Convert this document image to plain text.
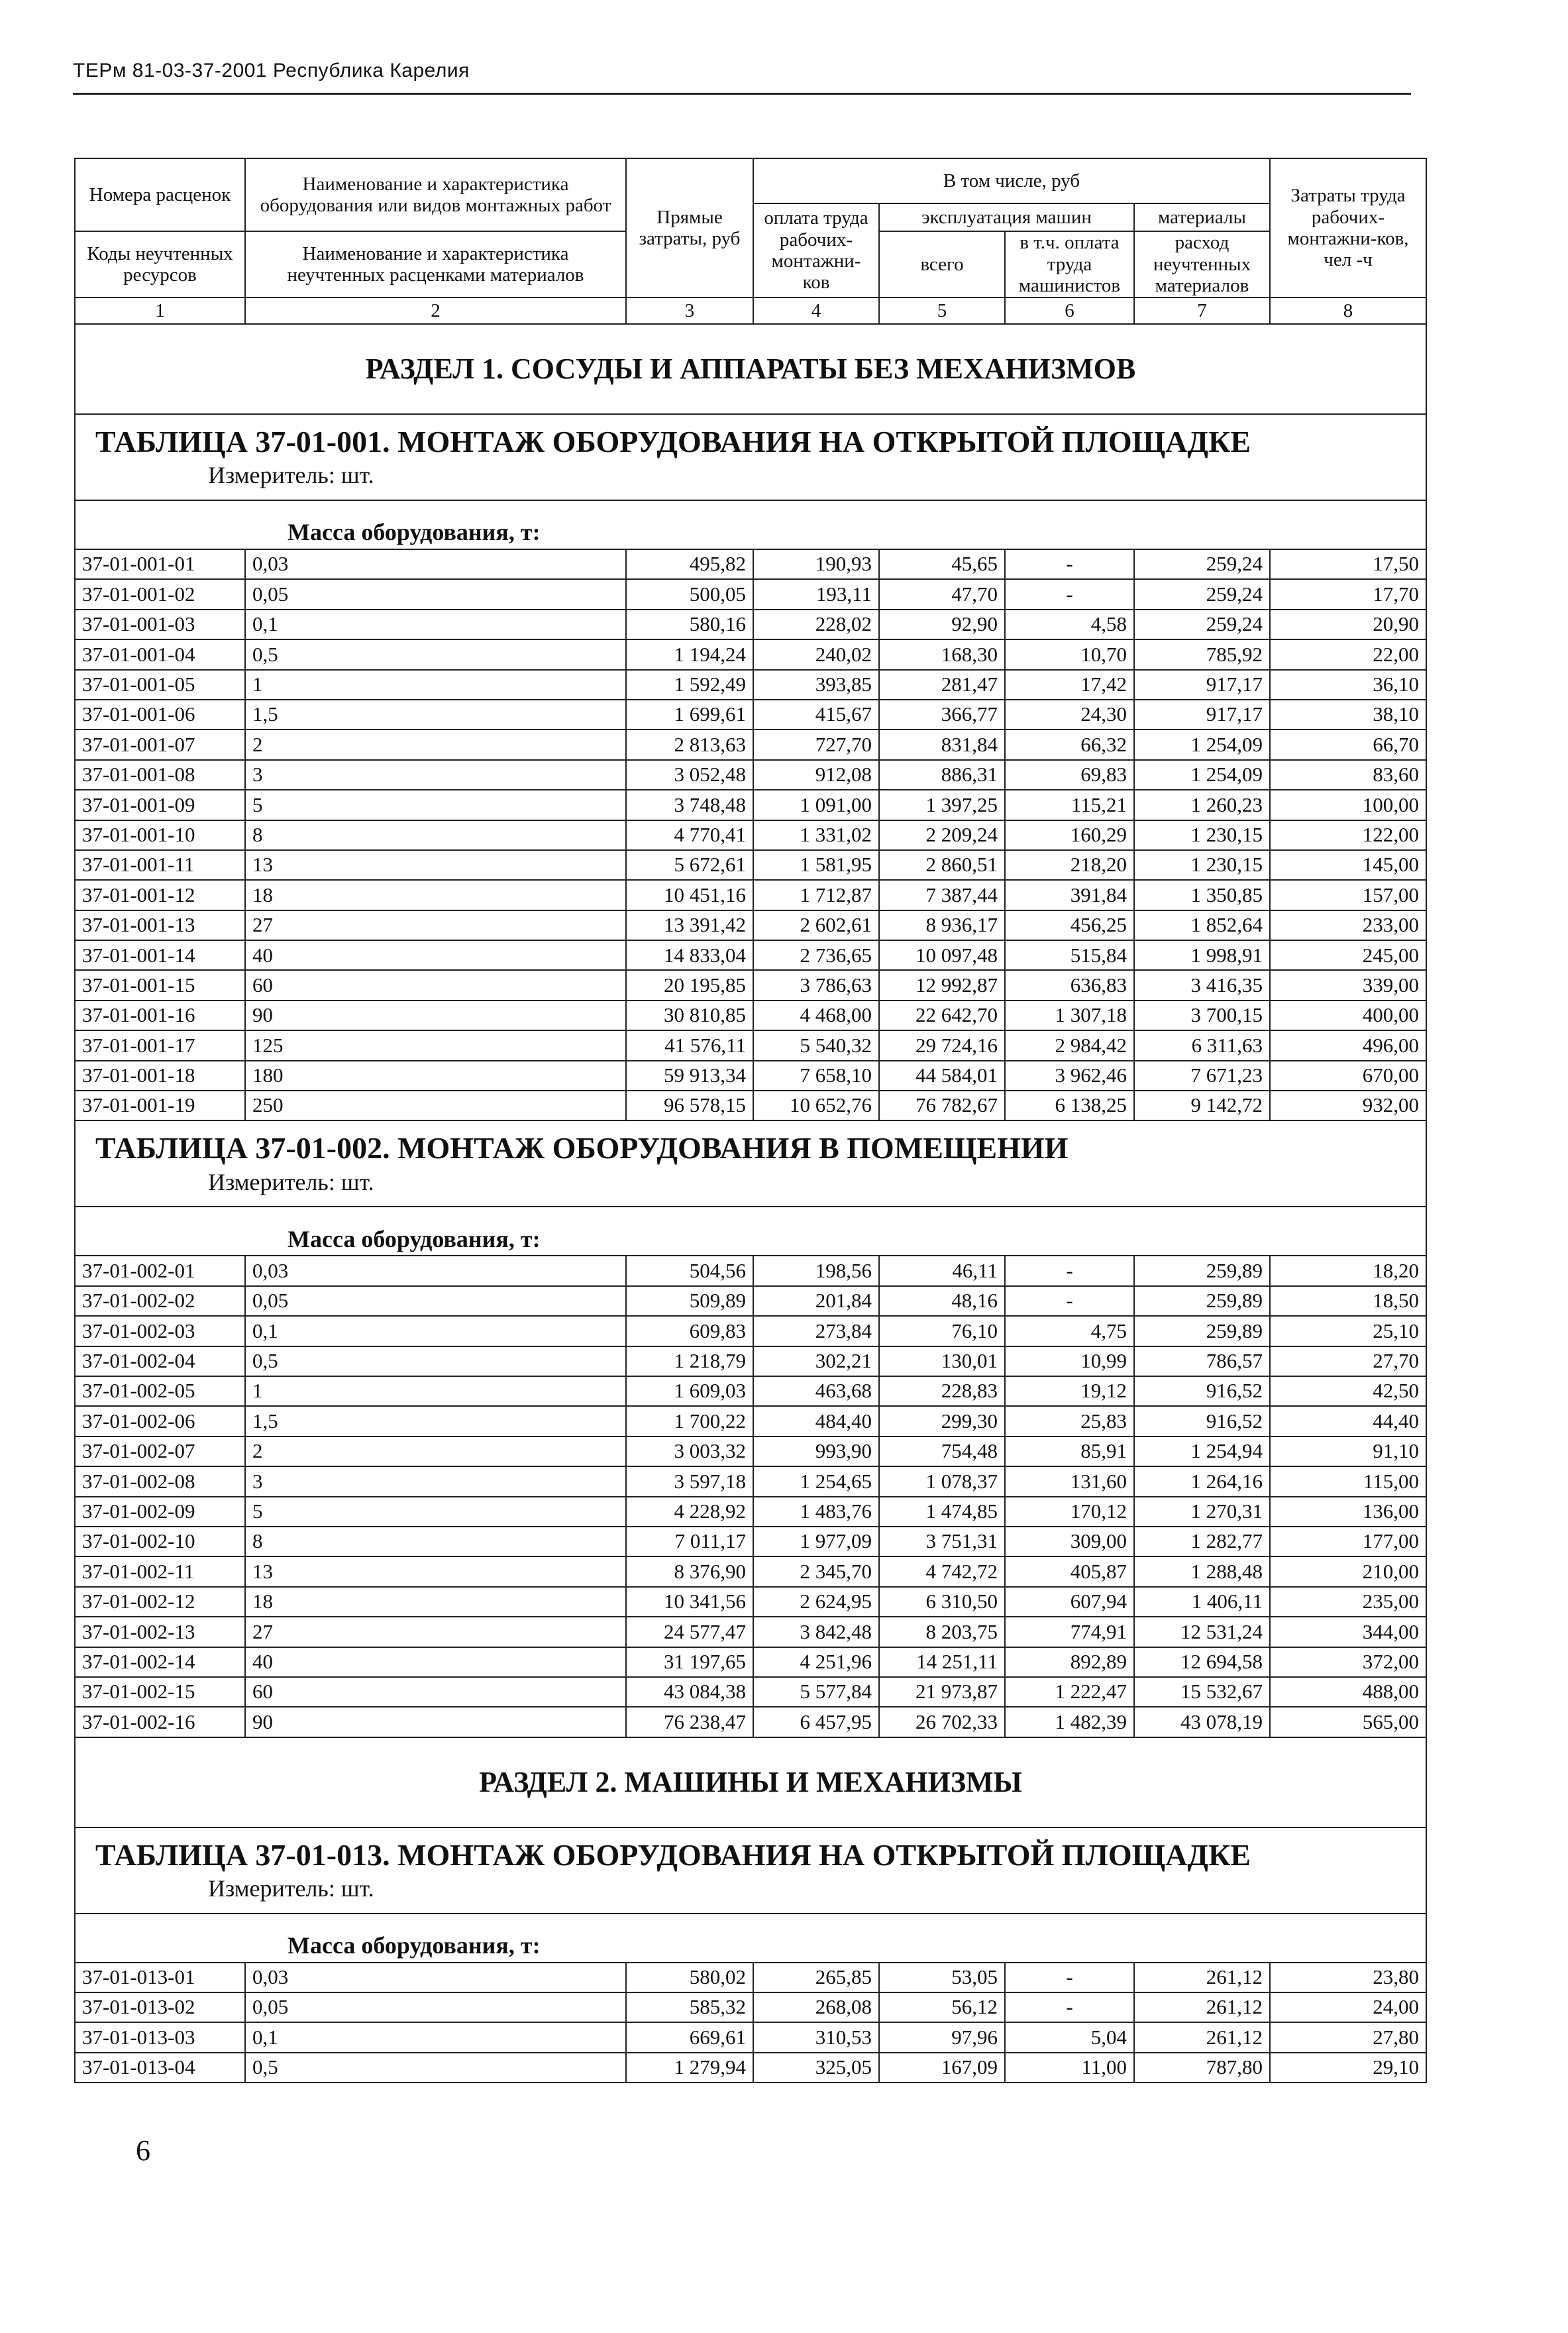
ТЕРм 81-03-37-2001 Республика Карелия
Номера расценок	Наименование и характеристика оборудования или видов монтажных работ	Прямые затраты, руб	В том числе, руб				Затраты труда рабочих-монтажни-ков, чел -ч
			оплата труда рабочих-монтажни-ков	эксплуатация машин		материалы	
Коды неучтенных ресурсов	Наименование и характеристика неучтенных расценками материалов			всего	в т.ч. оплата труда машинистов	расход неучтенных материалов	

1	2	3	4	5	6	7	8
РАЗДЕЛ 1. СОСУДЫ И АППАРАТЫ БЕЗ МЕХАНИЗМОВ							

ТАБЛИЦА 37-01-001. МОНТАЖ ОБОРУДОВАНИЯ НА ОТКРЫТОЙ ПЛОЩАДКЕ
Измеритель: шт.							

Масса оборудования, т:							
37-01-001-01	0,03	495,82	190,93	45,65	-	259,24	17,50
37-01-001-02	0,05	500,05	193,11	47,70	-	259,24	17,70
37-01-001-03	0,1	580,16	228,02	92,90	4,58	259,24	20,90
37-01-001-04	0,5	1 194,24	240,02	168,30	10,70	785,92	22,00
37-01-001-05	1	1 592,49	393,85	281,47	17,42	917,17	36,10
37-01-001-06	1,5	1 699,61	415,67	366,77	24,30	917,17	38,10
37-01-001-07	2	2 813,63	727,70	831,84	66,32	1 254,09	66,70
37-01-001-08	3	3 052,48	912,08	886,31	69,83	1 254,09	83,60
37-01-001-09	5	3 748,48	1 091,00	1 397,25	115,21	1 260,23	100,00
37-01-001-10	8	4 770,41	1 331,02	2 209,24	160,29	1 230,15	122,00
37-01-001-11	13	5 672,61	1 581,95	2 860,51	218,20	1 230,15	145,00
37-01-001-12	18	10 451,16	1 712,87	7 387,44	391,84	1 350,85	157,00
37-01-001-13	27	13 391,42	2 602,61	8 936,17	456,25	1 852,64	233,00
37-01-001-14	40	14 833,04	2 736,65	10 097,48	515,84	1 998,91	245,00
37-01-001-15	60	20 195,85	3 786,63	12 992,87	636,83	3 416,35	339,00
37-01-001-16	90	30 810,85	4 468,00	22 642,70	1 307,18	3 700,15	400,00
37-01-001-17	125	41 576,11	5 540,32	29 724,16	2 984,42	6 311,63	496,00
37-01-001-18	180	59 913,34	7 658,10	44 584,01	3 962,46	7 671,23	670,00
37-01-001-19	250	96 578,15	10 652,76	76 782,67	6 138,25	9 142,72	932,00

ТАБЛИЦА 37-01-002. МОНТАЖ ОБОРУДОВАНИЯ В ПОМЕЩЕНИИ
Измеритель: шт.							

Масса оборудования, т:							
37-01-002-01	0,03	504,56	198,56	46,11	-	259,89	18,20
37-01-002-02	0,05	509,89	201,84	48,16	-	259,89	18,50
37-01-002-03	0,1	609,83	273,84	76,10	4,75	259,89	25,10
37-01-002-04	0,5	1 218,79	302,21	130,01	10,99	786,57	27,70
37-01-002-05	1	1 609,03	463,68	228,83	19,12	916,52	42,50
37-01-002-06	1,5	1 700,22	484,40	299,30	25,83	916,52	44,40
37-01-002-07	2	3 003,32	993,90	754,48	85,91	1 254,94	91,10
37-01-002-08	3	3 597,18	1 254,65	1 078,37	131,60	1 264,16	115,00
37-01-002-09	5	4 228,92	1 483,76	1 474,85	170,12	1 270,31	136,00
37-01-002-10	8	7 011,17	1 977,09	3 751,31	309,00	1 282,77	177,00
37-01-002-11	13	8 376,90	2 345,70	4 742,72	405,87	1 288,48	210,00
37-01-002-12	18	10 341,56	2 624,95	6 310,50	607,94	1 406,11	235,00
37-01-002-13	27	24 577,47	3 842,48	8 203,75	774,91	12 531,24	344,00
37-01-002-14	40	31 197,65	4 251,96	14 251,11	892,89	12 694,58	372,00
37-01-002-15	60	43 084,38	5 577,84	21 973,87	1 222,47	15 532,67	488,00
37-01-002-16	90	76 238,47	6 457,95	26 702,33	1 482,39	43 078,19	565,00
РАЗДЕЛ 2. МАШИНЫ И МЕХАНИЗМЫ							

ТАБЛИЦА 37-01-013. МОНТАЖ ОБОРУДОВАНИЯ НА ОТКРЫТОЙ ПЛОЩАДКЕ
Измеритель: шт.							

Масса оборудования, т:							
37-01-013-01	0,03	580,02	265,85	53,05	-	261,12	23,80
37-01-013-02	0,05	585,32	268,08	56,12	-	261,12	24,00
37-01-013-03	0,1	669,61	310,53	97,96	5,04	261,12	27,80
37-01-013-04	0,5	1 279,94	325,05	167,09	11,00	787,80	29,10
6
